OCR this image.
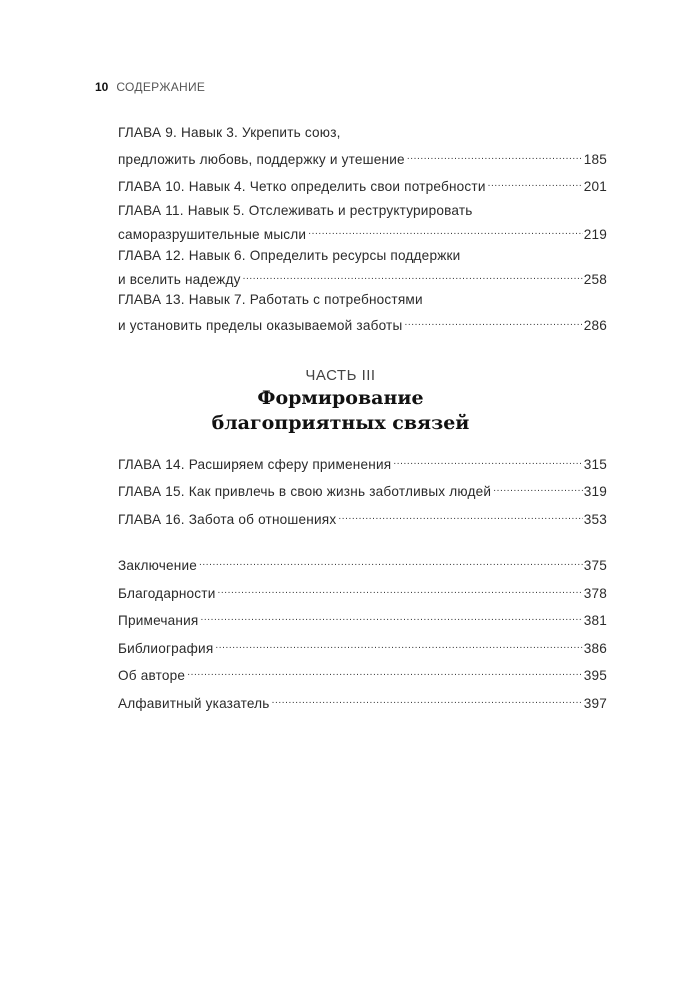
10 СОДЕРЖАНИЕ
ГЛАВА 9. Навык 3. Укрепить союз,
предложить любовь, поддержку и утешение .....	185
ГЛАВА 10. Навык 4. Четко определить свои потребности .....	201
ГЛАВА 11. Навык 5. Отслеживать и реструктурировать
саморазрушительные мысли .....	219
ГЛАВА 12. Навык 6. Определить ресурсы поддержки
и вселить надежду .....	258
ГЛАВА 13. Навык 7. Работать с потребностями
и установить пределы оказываемой заботы .....	286
ЧАСТЬ III
Формирование
благоприятных связей
ГЛАВА 14. Расширяем сферу применения .....	315
ГЛАВА 15. Как привлечь в свою жизнь заботливых людей .....	319
ГЛАВА 16. Забота об отношениях .....	353
Заключение .....	375
Благодарности .....	378
Примечания .....	381
Библиография .....	386
Об авторе .....	395
Алфавитный указатель .....	397
